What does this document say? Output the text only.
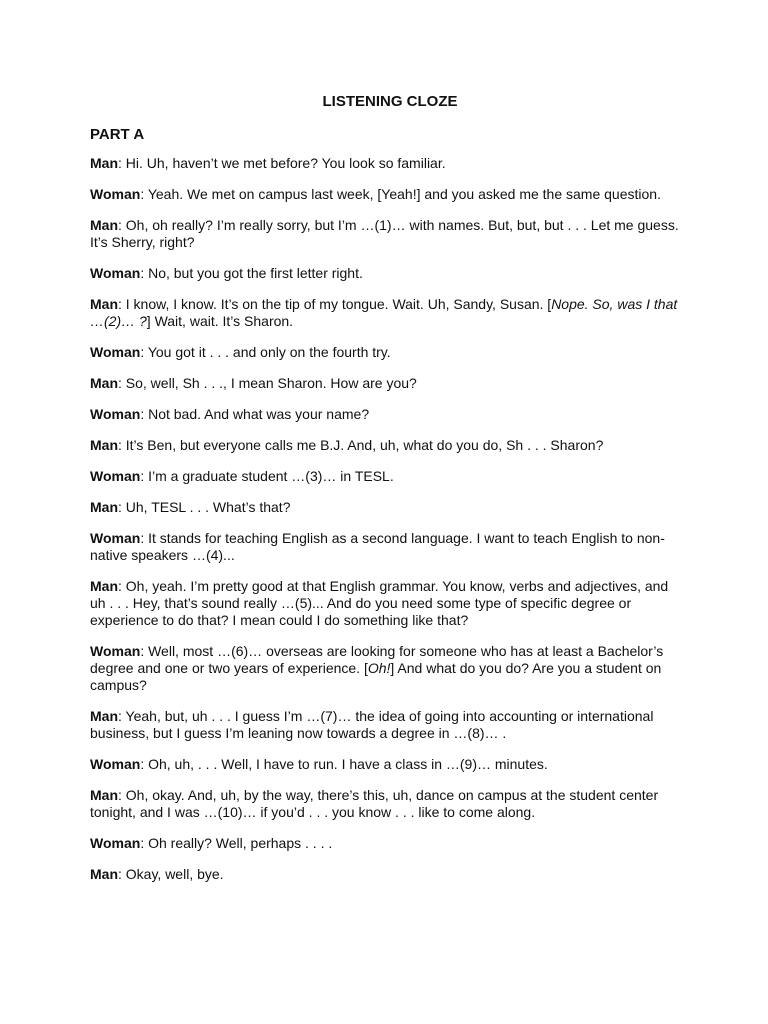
LISTENING CLOZE
PART A

Man: Hi. Uh, haven’t we met before? You look so familiar.

Woman: Yeah. We met on campus last week, [Yeah!] and you asked me the same question.

Man: Oh, oh really? I’m really sorry, but I’m …(1)… with names. But, but, but . . . Let me guess. It’s Sherry, right?

Woman: No, but you got the first letter right.

Man: I know, I know. It’s on the tip of my tongue. Wait. Uh, Sandy, Susan. [Nope. So, was I that …(2)… ?] Wait, wait. It’s Sharon.

Woman: You got it . . . and only on the fourth try.

Man: So, well, Sh . . ., I mean Sharon. How are you?

Woman: Not bad. And what was your name?

Man: It’s Ben, but everyone calls me B.J. And, uh, what do you do, Sh . . . Sharon?

Woman: I’m a graduate student …(3)… in TESL.

Man: Uh, TESL . . . What’s that?

Woman: It stands for teaching English as a second language. I want to teach English to non-native speakers …(4)...

Man: Oh, yeah. I’m pretty good at that English grammar. You know, verbs and adjectives, and uh . . . Hey, that’s sound really …(5)... And do you need some type of specific degree or experience to do that? I mean could I do something like that?

Woman: Well, most …(6)… overseas are looking for someone who has at least a Bachelor’s degree and one or two years of experience. [Oh!] And what do you do? Are you a student on campus?

Man: Yeah, but, uh . . . I guess I’m …(7)… the idea of going into accounting or international business, but I guess I’m leaning now towards a degree in …(8)… .

Woman: Oh, uh, . . . Well, I have to run. I have a class in …(9)… minutes.

Man: Oh, okay. And, uh, by the way, there’s this, uh, dance on campus at the student center tonight, and I was …(10)… if you’d . . . you know . . . like to come along.

Woman: Oh really? Well, perhaps . . . .

Man: Okay, well, bye.
